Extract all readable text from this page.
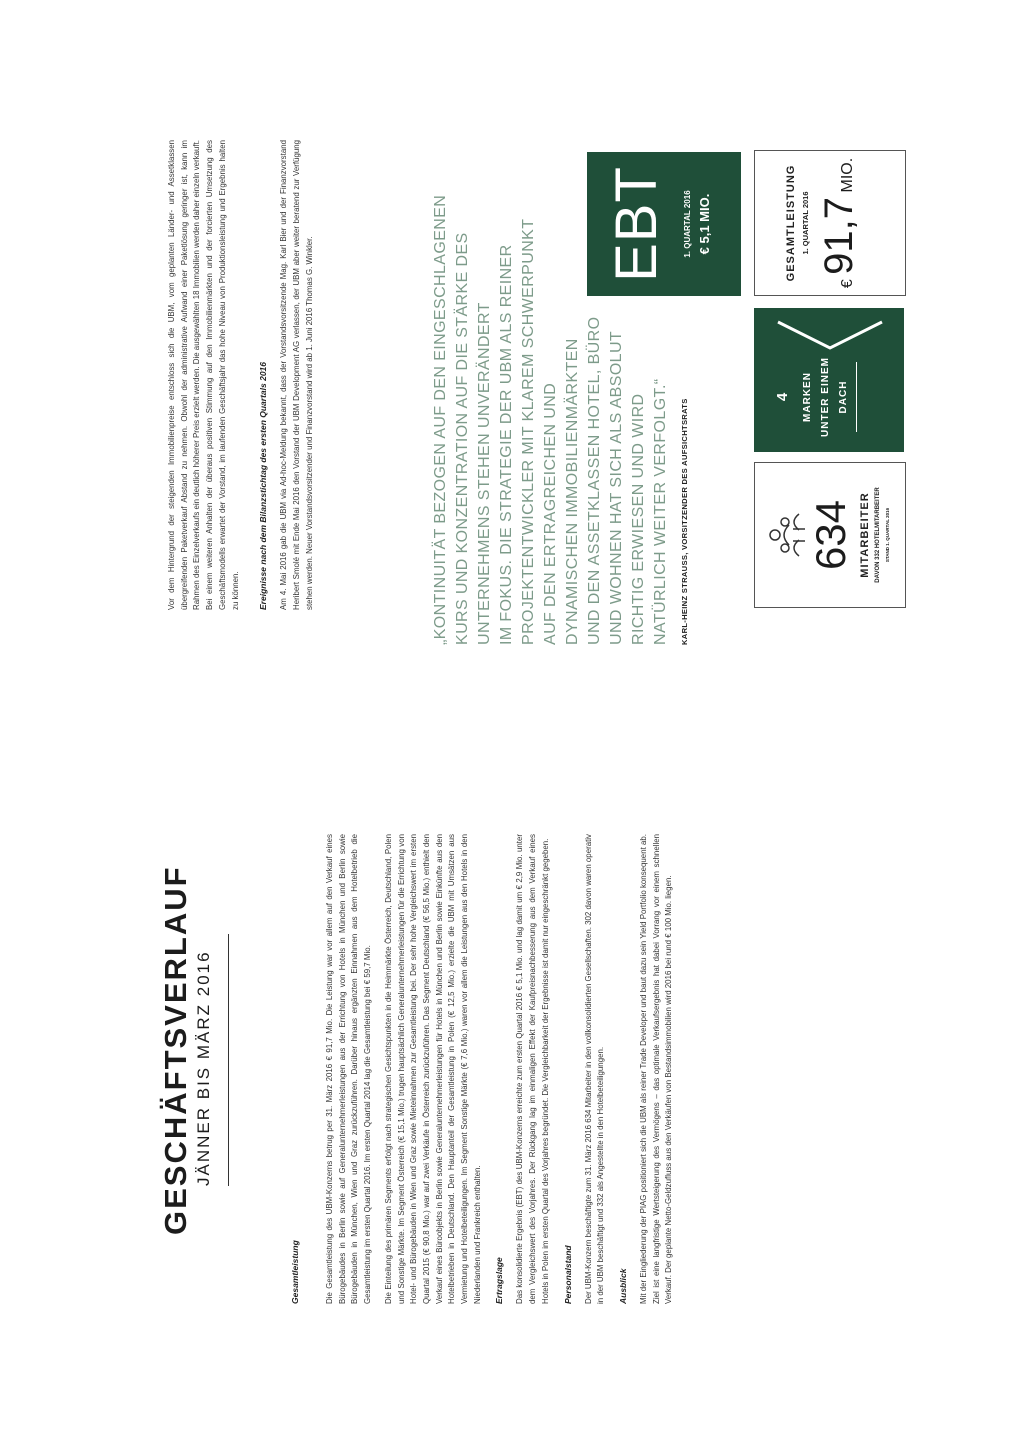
GESCHÄFTSVERLAUF JÄNNER BIS MÄRZ 2016
Gesamtleistung	Die Gesamtleistung des UBM-Konzerns betrug per 31. März 2016 € 91,7 Mio. Die Leistung war vor allem auf den Verkauf eines Bürogebäudes in Berlin sowie auf Generalunternehmerleistungen aus der Errichtung von Hotels in München und Berlin sowie Bürogebäuden in München, Wien und Graz zurückzuführen. Darüber hinaus ergänzten Einnahmen aus dem Hotelbetrieb die Gesamtleistung im ersten Quartal 2016. Im ersten Quartal 2014 lag die Gesamtleistung bei € 59,7 Mio.	Die Einteilung des primären Segments erfolgt nach strategischen Gesichtspunkten in die Heimmärkte Österreich, Deutschland, Polen und Sonstige Märkte. Im Segment Österreich (€ 15,1 Mio.) trugen hauptsächlich Generalunternehmerleistungen für die Errichtung von Hotel- und Bürogebäuden in Wien und Graz sowie Mieteinnahmen zur Gesamtleistung bei. Der sehr hohe Vergleichswert im ersten Quartal 2015 (€ 90,8 Mio.) war auf zwei Verkäufe in Österreich zurückzuführen. Das Segment Deutschland (€ 56,5 Mio.) enthielt den Verkauf eines Büroobjekts in Berlin sowie Generalunternehmerleistungen für Hotels in München und Berlin sowie Einkünfte aus den Hotelbetrieben in Deutschland. Den Hauptanteil der Gesamtleistung in Polen (€ 12,5 Mio.) erzielte die UBM mit Umsätzen aus Vermietung und Hotelbeteiligungen. Im Segment Sonstige Märkte (€ 7,6 Mio.) waren vor allem die Leistungen aus den Hotels in den Niederlanden und Frankreich enthalten.	Ertragslage Das konsolidierte Ergebnis (EBT) des UBM-Konzerns erreichte zum ersten Quartal 2016 € 5,1 Mio. und lag damit um € 2,9 Mio. unter dem Vergleichswert des Vorjahres. Der Rückgang lag im einmaligen Effekt der Kaufpreisnachbesserung aus dem Verkauf eines Hotels in Polen im ersten Quartal des Vorjahres begründet. Die Vergleichbarkeit der Ergebnisse ist damit nur eingeschränkt gegeben.	Personalstand Der UBM-Konzern beschäftigte zum 31. März 2016 634 Mitarbeiter in den vollkonsolidierten Gesellschaften. 302 davon waren operativ in der UBM beschäftigt und 332 als Angestellte in den Hotelbeteiligungen.	Ausblick Mit der Eingliederung der PIAG positioniert sich die UBM als reiner Trade Developer und baut dazu sein Yield Portfolio konsequent ab. Ziel ist eine langfristige Wertsteigerung des Vermögens – das optimale Verkaufsergebnis hat dabei Vorrang vor einem schnellen Verkauf. Der geplante Netto-Geldzufluss aus den Verkäufen von Bestandsimmobilien wird 2016 bei rund € 100 Mio. liegen.
Vor dem Hintergrund der steigenden Immobilienpreise entschloss sich die UBM, vom geplanten Länder- und Assetklassen übergreifenden Paketverkauf Abstand zu nehmen. Obwohl der administrative Aufwand einer Paketlösung geringer ist, kann im Rahmen des Einzelverkaufs ein deutlich höherer Preis erzielt werden. Die ausgewählten 18 Immobilien werden daher einzeln verkauft. Bei einem weiteren Anhalten der überaus positiven Stimmung auf den Immobilienmärkten und der forcierten Umsetzung des Geschäftsmodells erwartet der Vorstand, im laufenden Geschäftsjahr das hohe Niveau von Produktionsleistung und Ergebnis halten zu können.	Ereignisse nach dem Bilanzstichtag des ersten Quartals 2016 Am 4. Mai 2016 gab die UBM via Ad-hoc-Meldung bekannt, dass der Vorstandsvorsitzende Mag. Karl Bier und der Finanzvorstand Heribert Smolé mit Ende Mai 2016 den Vorstand der UBM Development AG verlassen, der UBM aber weiter beratend zur Verfügung stehen werden. Neuer Vorstandsvorsitzender und Finanzvorstand wird ab 1. Juni 2016 Thomas G. Winkler.	„KONTINUITÄT BEZOGEN AUF DEN EINGESCHLAGENEN KURS UND KONZENTRATION AUF DIE STÄRKE DES UNTERNEHMENS STEHEN UNVERÄNDERT IM FOKUS. DIE STRATEGIE DER UBM ALS REINER PROJEKTENTWICKLER MIT KLAREM SCHWERPUNKT AUF DEN ERTRAGREICHEN UND DYNAMISCHEN IMMOBILIENMÄRKTEN UND DEN ASSETKLASSEN HOTEL, BÜRO UND WOHNEN HAT SICH ALS ABSOLUT RICHTIG ERWIESEN UND WIRD NATÜRLICH WEITER VERFOLGT.“	KARL-HEINZ STRAUSS, VORSITZENDER DES AUFSICHTSRATS	634 MITARBEITER DAVON 332 HOTELMITARBEITER STAND 1. QUARTAL 2016
4 MARKEN UNTER EINEM DACH
GESAMTLEISTUNG 1. QUARTAL 2016
€ 91,7 MIO.
EBT 1. QUARTAL 2016 € 5,1 MIO.
